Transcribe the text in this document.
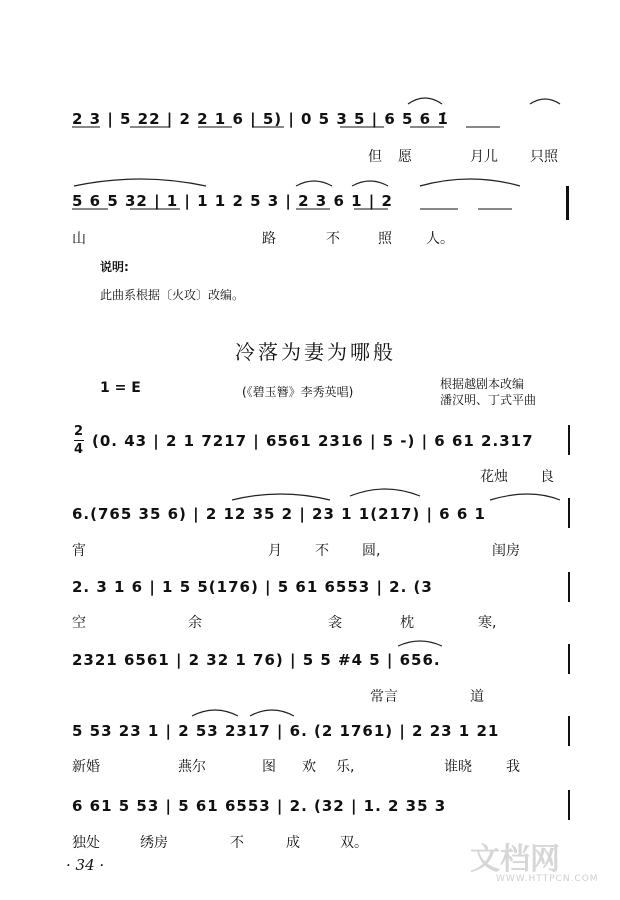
2 3 | 5 22 | 2 2 1 6 | 5) | 0 5 3 5 | 6 5 6 1̇
但 愿	月儿 只照
5 6 5 32 | 1 | 1 1 2 5 3 | 2 3 6 1 | 2
山	路	不	照 人。
说明:
此曲系根据〔火攻〕改编。
冷落为妻为哪般
1 = E	(《碧玉簪》李秀英唱)
根据越剧本改编
潘汉明、丁式平曲
2
4 (0. 43 | 2 1 7217 | 6561 2316 | 5 -) | 6 61 2.317
花烛 良
6.(765 35 6) | 2 12 35 2 | 23 1 1(217) | 6 6 1
宵	月 不 圆,	闺房
2. 3 1 6 | 1 5 5(176) | 5 61 6553 | 2. (3
空	余	衾	枕	寒,
2321 6561 | 2 32 1 76) | 5 5 #4 5 | 656.
常言	道
5 53 23 1 | 2 53 2317 | 6. (2 1761) | 2 23 1 21
新婚	燕尔	图 欢 乐,	谁晓 我
6 61 5 53 | 5 61 6553 | 2. (32 | 1. 2 35 3
独处	绣房	不	成	双。
· 34 ·	文档网
WWW.HTTPCN.COM
